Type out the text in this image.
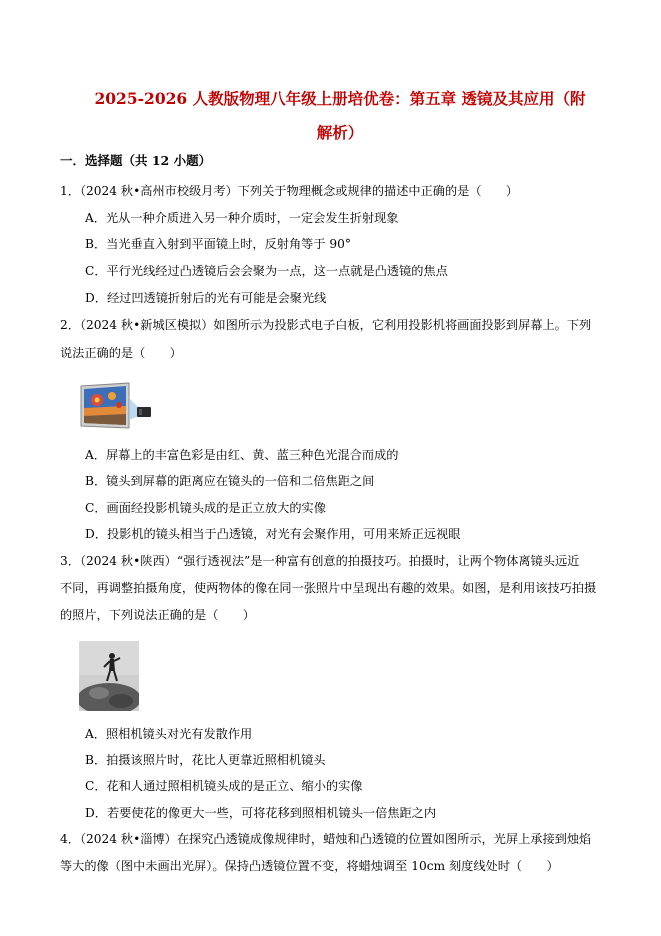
2025-2026 人教版物理八年级上册培优卷：第五章 透镜及其应用（附
解析）
一．选择题（共 12 小题）
1．（2024 秋•高州市校级月考）下列关于物理概念或规律的描述中正确的是（　　）
A．光从一种介质进入另一种介质时，一定会发生折射现象
B．当光垂直入射到平面镜上时，反射角等于 90°
C．平行光线经过凸透镜后会会聚为一点，这一点就是凸透镜的焦点
D．经过凹透镜折射后的光有可能是会聚光线
2．（2024 秋•新城区模拟）如图所示为投影式电子白板，它利用投影机将画面投影到屏幕上。下列
说法正确的是（　　）
A．屏幕上的丰富色彩是由红、黄、蓝三种色光混合而成的
B．镜头到屏幕的距离应在镜头的一倍和二倍焦距之间
C．画面经投影机镜头成的是正立放大的实像
D．投影机的镜头相当于凸透镜，对光有会聚作用，可用来矫正远视眼
3．（2024 秋•陕西）“强行透视法”是一种富有创意的拍摄技巧。拍摄时，让两个物体离镜头远近
不同，再调整拍摄角度，使两物体的像在同一张照片中呈现出有趣的效果。如图，是利用该技巧拍摄
的照片，下列说法正确的是（　　）
A．照相机镜头对光有发散作用
B．拍摄该照片时，花比人更靠近照相机镜头
C．花和人通过照相机镜头成的是正立、缩小的实像
D．若要使花的像更大一些，可将花移到照相机镜头一倍焦距之内
4．（2024 秋•淄博）在探究凸透镜成像规律时，蜡烛和凸透镜的位置如图所示，光屏上承接到烛焰
等大的像（图中未画出光屏）。保持凸透镜位置不变，将蜡烛调至 10cm 刻度线处时（　　）
